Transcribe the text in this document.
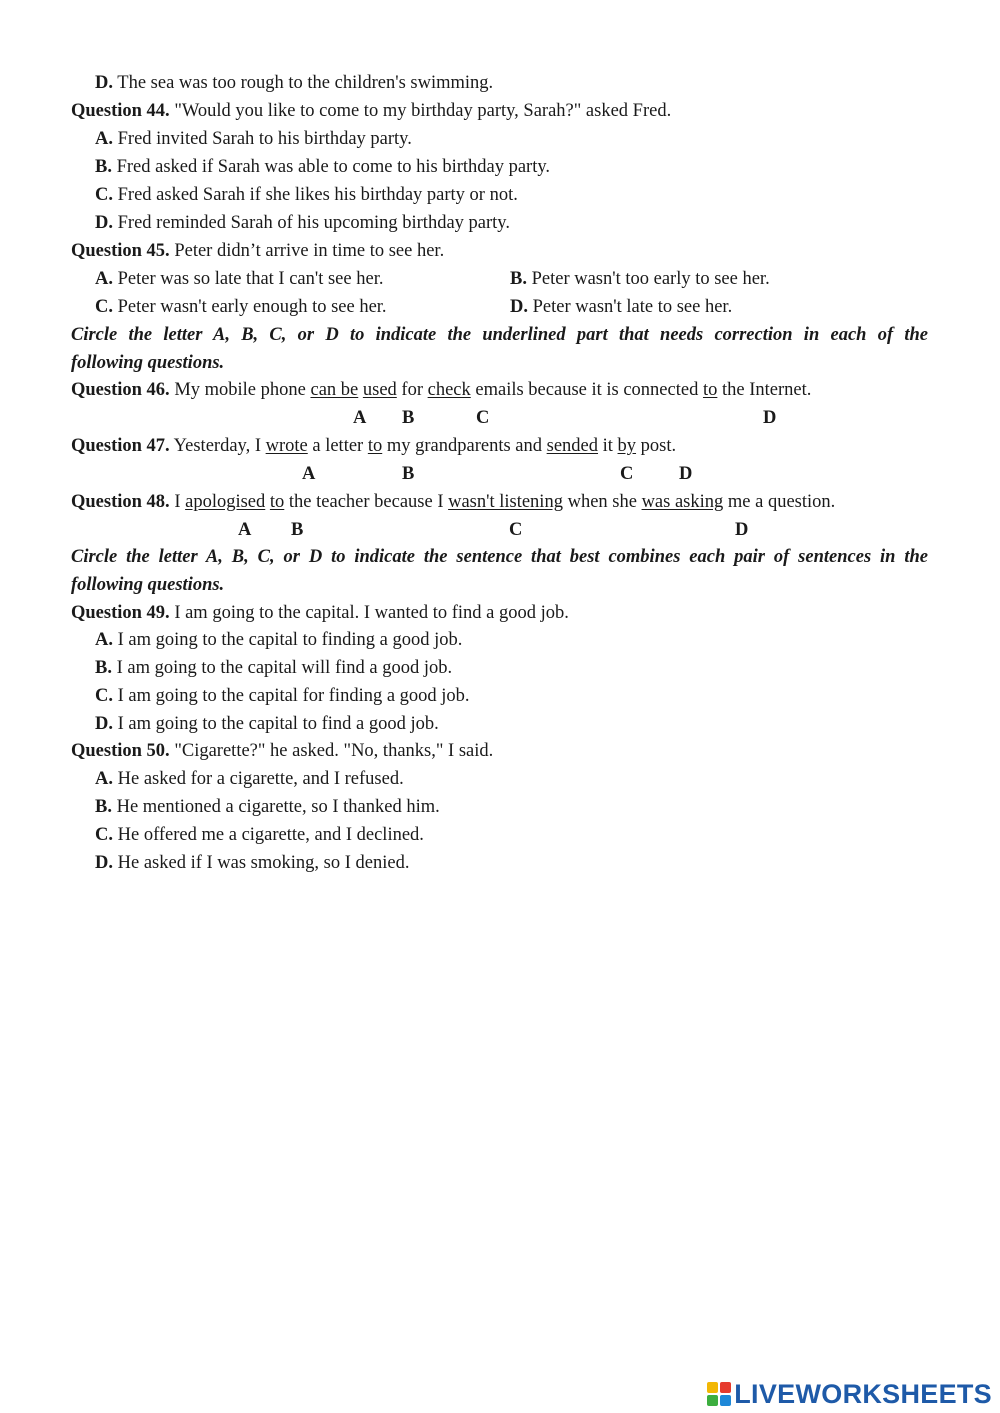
D. The sea was too rough to the children's swimming.
Question 44. "Would you like to come to my birthday party, Sarah?" asked Fred.
A. Fred invited Sarah to his birthday party.
B. Fred asked if Sarah was able to come to his birthday party.
C. Fred asked Sarah if she likes his birthday party or not.
D. Fred reminded Sarah of his upcoming birthday party.
Question 45. Peter didn’t arrive in time to see her.
A. Peter was so late that I can't see her.	B. Peter wasn't too early to see her.
C. Peter wasn't early enough to see her.	D. Peter wasn't late to see her.
Circle the letter A, B, C, or D to indicate the underlined part that needs correction in each of the
following questions.
Question 46. My mobile phone can be used for check emails because it is connected to the Internet.
A B	C	D
Question 47. Yesterday, I wrote a letter to my grandparents and sended it by post.
A	B	C D
Question 48. I apologised to the teacher because I wasn't listening when she was asking me a question.
A B	C	D
Circle the letter A, B, C, or D to indicate the sentence that best combines each pair of sentences in the
following questions.
Question 49. I am going to the capital. I wanted to find a good job.
A. I am going to the capital to finding a good job.
B. I am going to the capital will find a good job.
C. I am going to the capital for finding a good job.
D. I am going to the capital to find a good job.
Question 50. "Cigarette?" he asked. "No, thanks," I said.
A. He asked for a cigarette, and I refused.
B. He mentioned a cigarette, so I thanked him.
C. He offered me a cigarette, and I declined.
D. He asked if I was smoking, so I denied.
LIVEWORKSHEETS
